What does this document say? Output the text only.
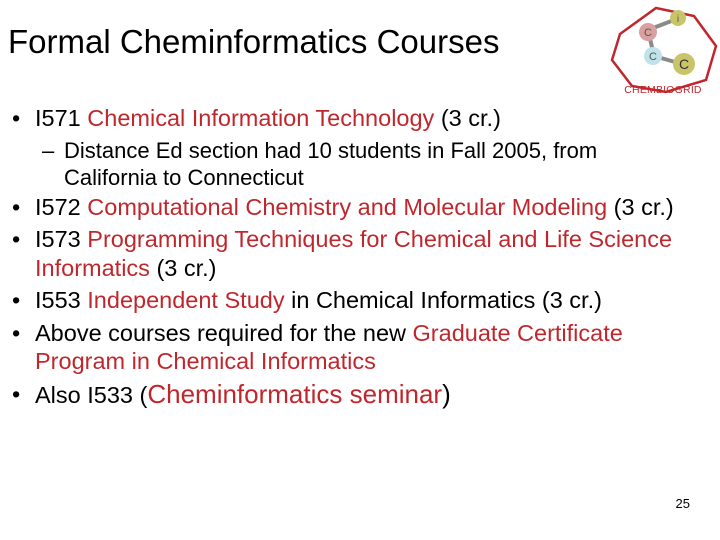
Formal Cheminformatics Courses
i
C
C C
CHEMBIOGRID
• I571 Chemical Information Technology (3 cr.)
– Distance Ed section had 10 students in Fall 2005, from California to Connecticut
• I572 Computational Chemistry and Molecular Modeling (3 cr.)
• I573 Programming Techniques for Chemical and Life Science Informatics (3 cr.)
• I553 Independent Study in Chemical Informatics (3 cr.)
• Above courses required for the new Graduate Certificate Program in Chemical Informatics
• Also I533 (Cheminformatics seminar)
25
